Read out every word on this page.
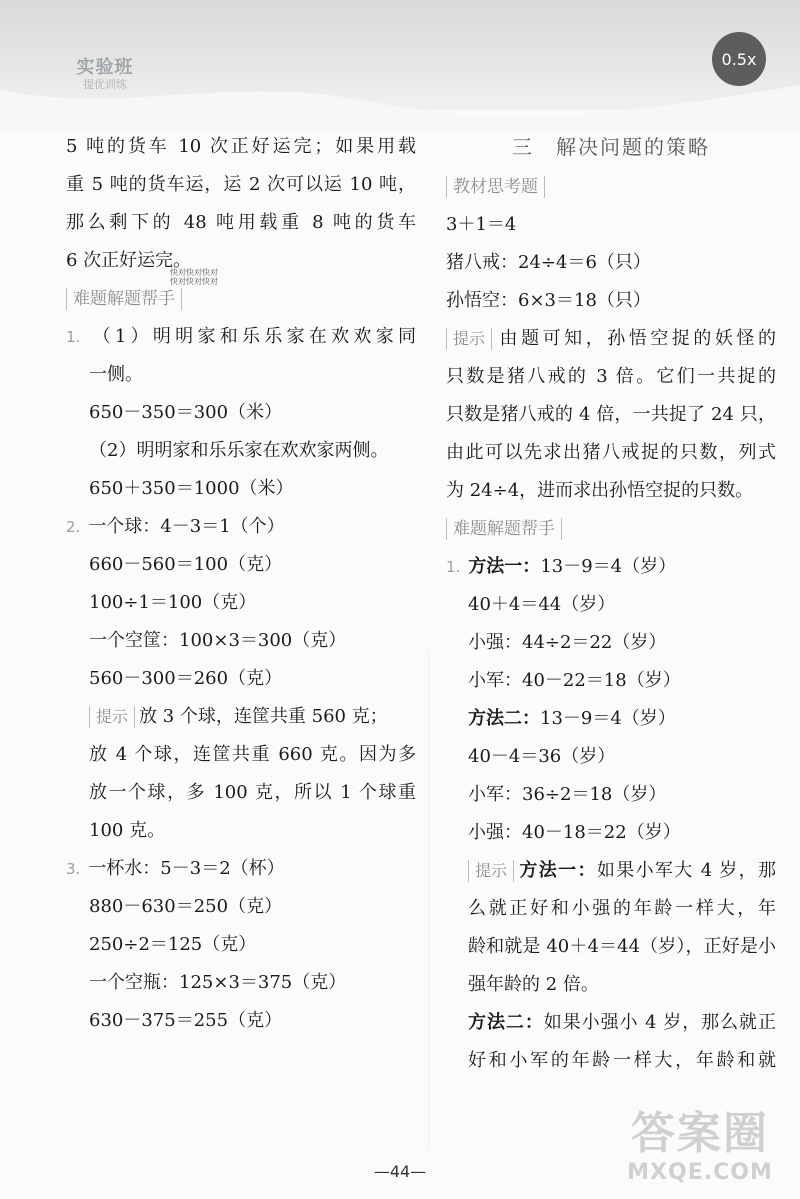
实验班
提优训练
0.5x
5 吨的货车 10 次正好运完；如果用载
重 5 吨的货车运，运 2 次可以运 10 吨，
那么剩下的 48 吨用载重 8 吨的货车
6 次正好运完。
难题解题帮手
1. （1）明明家和乐乐家在欢欢家同
一侧。
650－350＝300（米）
（2）明明家和乐乐家在欢欢家两侧。
650＋350＝1000（米）
2. 一个球：4－3＝1（个）
660－560＝100（克）
100÷1＝100（克）
一个空筐：100×3＝300（克）
560－300＝260（克）
提示 放 3 个球，连筐共重 560 克；
放 4 个球，连筐共重 660 克。因为多
放一个球，多 100 克，所以 1 个球重
100 克。
3. 一杯水：5－3＝2（杯）
880－630＝250（克）
250÷2＝125（克）
一个空瓶：125×3＝375（克）
630－375＝255（克）
快对快对快对
快对快对快对
三　解决问题的策略
教材思考题
3＋1＝4
猪八戒：24÷4＝6（只）
孙悟空：6×3＝18（只）
提示 由题可知，孙悟空捉的妖怪的
只数是猪八戒的 3 倍。它们一共捉的
只数是猪八戒的 4 倍，一共捉了 24 只，
由此可以先求出猪八戒捉的只数，列式
为 24÷4，进而求出孙悟空捉的只数。
难题解题帮手
1. 方法一：13－9＝4（岁）
40＋4＝44（岁）
小强：44÷2＝22（岁）
小军：40－22＝18（岁）
方法二：13－9＝4（岁）
40－4＝36（岁）
小军：36÷2＝18（岁）
小强：40－18＝22（岁）
提示 方法一：如果小军大 4 岁，那
么就正好和小强的年龄一样大，年
龄和就是 40＋4＝44（岁），正好是小
强年龄的 2 倍。
方法二：如果小强小 4 岁，那么就正
好和小军的年龄一样大，年龄和就
—44—
答案圈
MXQE.COM
